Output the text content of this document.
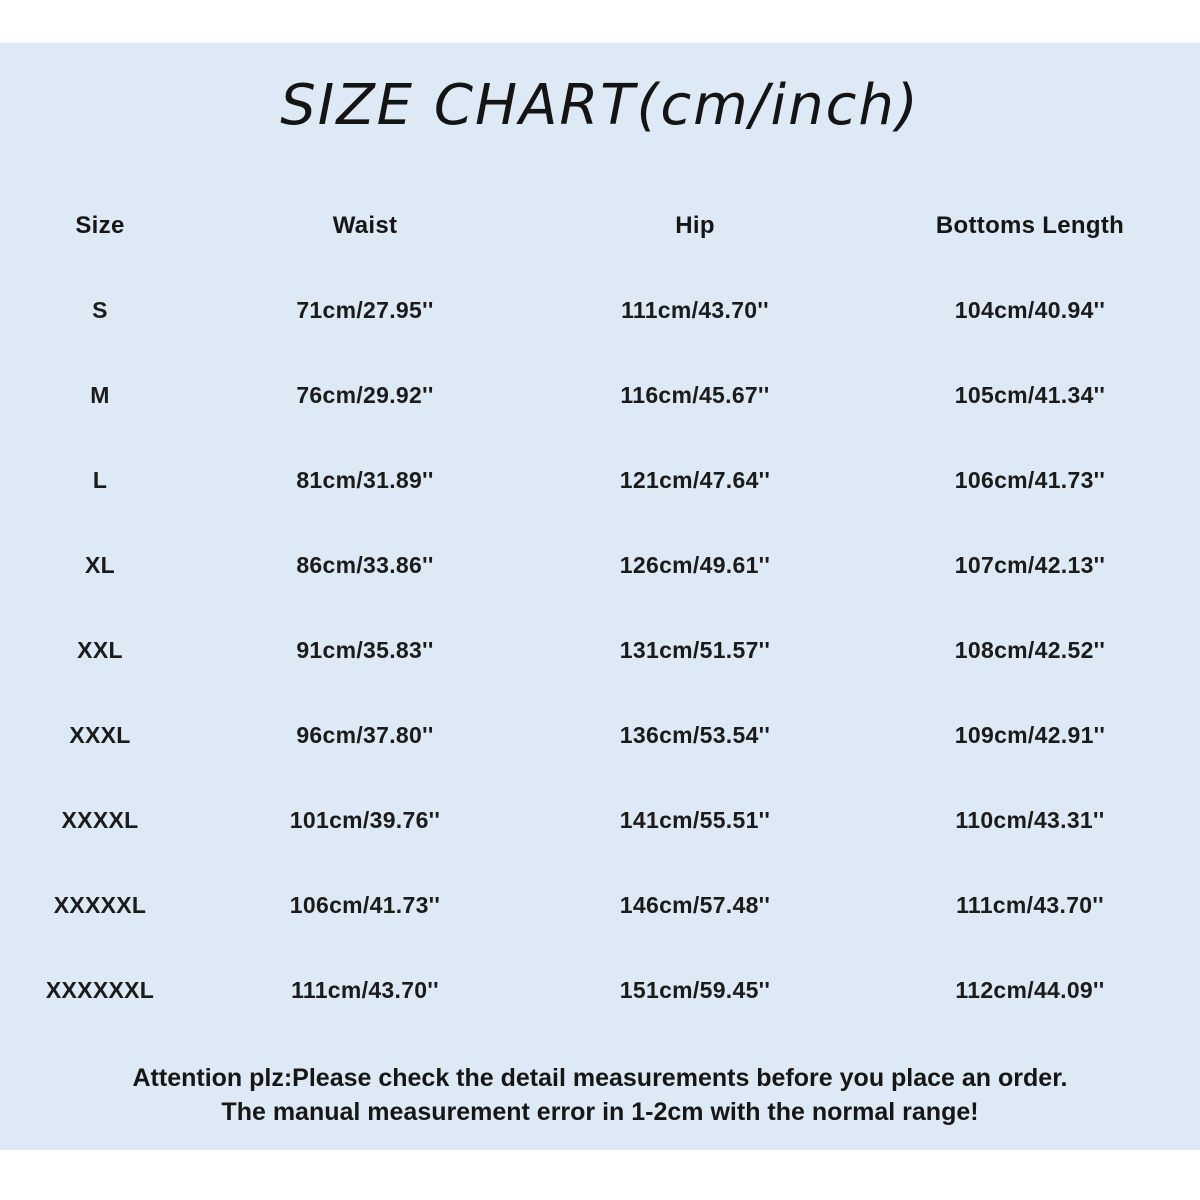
SIZE CHART(cm/inch)
Size	Waist	Hip	Bottoms Length
S	71cm/27.95''	111cm/43.70''	104cm/40.94''
M	76cm/29.92''	116cm/45.67''	105cm/41.34''
L	81cm/31.89''	121cm/47.64''	106cm/41.73''
XL	86cm/33.86''	126cm/49.61''	107cm/42.13''
XXL	91cm/35.83''	131cm/51.57''	108cm/42.52''
XXXL	96cm/37.80''	136cm/53.54''	109cm/42.91''
XXXXL	101cm/39.76''	141cm/55.51''	110cm/43.31''
XXXXXL	106cm/41.73''	146cm/57.48''	111cm/43.70''
XXXXXXL	111cm/43.70''	151cm/59.45''	112cm/44.09''
Attention plz:Please check the detail measurements before you place an order.
The manual measurement error in 1-2cm with the normal range!
